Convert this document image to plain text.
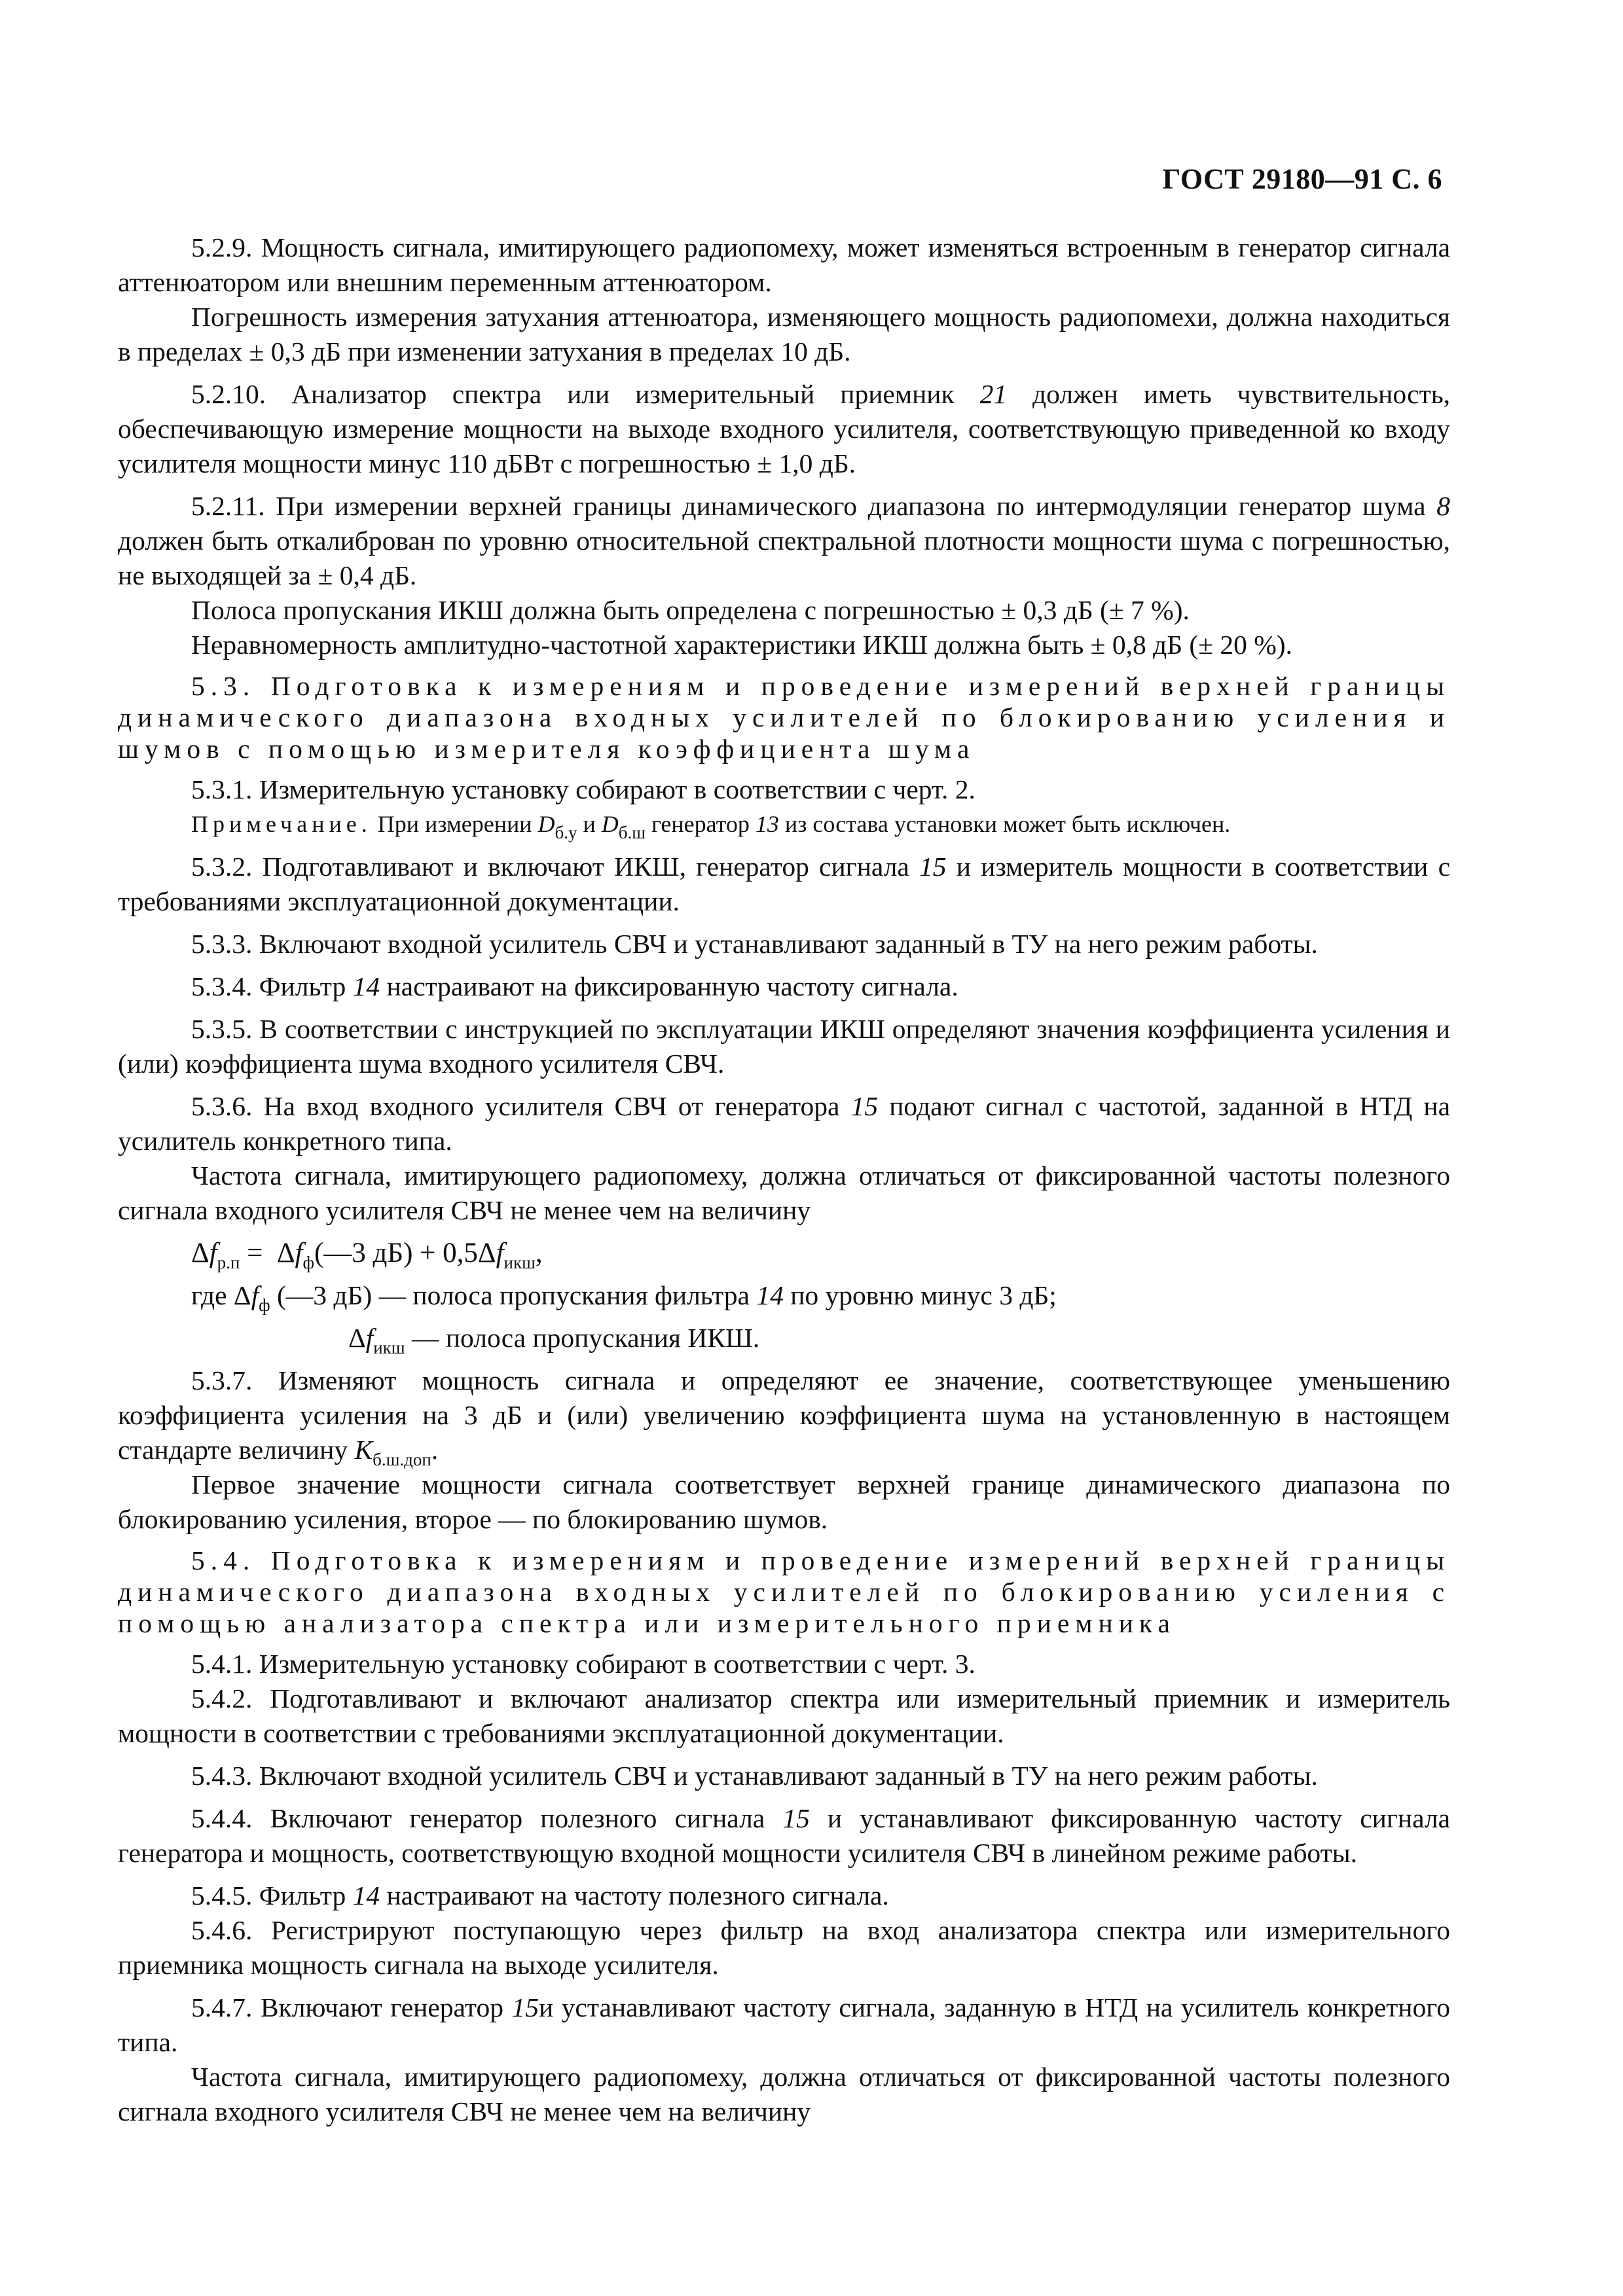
ГОСТ 29180—91 С. 6

5.2.9. Мощность сигнала, имитирующего радиопомеху, может изменяться встроенным в генератор сигнала аттенюатором или внешним переменным аттенюатором.

Погрешность измерения затухания аттенюатора, изменяющего мощность радиопомехи, должна находиться в пределах ± 0,3 дБ при изменении затухания в пределах 10 дБ.

5.2.10. Анализатор спектра или измерительный приемник 21 должен иметь чувствительность, обеспечивающую измерение мощности на выходе входного усилителя, соответствующую приведенной ко входу усилителя мощности минус 110 дБВт с погрешностью ± 1,0 дБ.

5.2.11. При измерении верхней границы динамического диапазона по интермодуляции генератор шума 8 должен быть откалиброван по уровню относительной спектральной плотности мощности шума с погрешностью, не выходящей за ± 0,4 дБ.

Полоса пропускания ИКШ должна быть определена с погрешностью ± 0,3 дБ (± 7 %).

Неравномерность амплитудно-частотной характеристики ИКШ должна быть ± 0,8 дБ (± 20 %).

5.3. Подготовка к измерениям и проведение измерений верхней границы динамического диапазона входных усилителей по блокированию усиления и шумов с помощью измерителя коэффициента шума

5.3.1. Измерительную установку собирают в соответствии с черт. 2.

Примечание. При измерении $D_{б.у}$ и $D_{б.ш}$ генератор 13 из состава установки может быть исключен.

5.3.2. Подготавливают и включают ИКШ, генератор сигнала 15 и измеритель мощности в соответствии с требованиями эксплуатационной документации.

5.3.3. Включают входной усилитель СВЧ и устанавливают заданный в ТУ на него режим работы.

5.3.4. Фильтр 14 настраивают на фиксированную частоту сигнала.

5.3.5. В соответствии с инструкцией по эксплуатации ИКШ определяют значения коэффициента усиления и (или) коэффициента шума входного усилителя СВЧ.

5.3.6. На вход входного усилителя СВЧ от генератора 15 подают сигнал с частотой, заданной в НТД на усилитель конкретного типа.

Частота сигнала, имитирующего радиопомеху, должна отличаться от фиксированной частоты полезного сигнала входного усилителя СВЧ не менее чем на величину

$\Delta f_{р.п}$ = $\Delta f_ф(—3$ $дБ) + 0,5\Delta f_{икш}$,

где $\Delta f_ф$ (—3 дБ) — полоса пропускания фильтра 14 по уровню минус 3 дБ;

$\Delta f_{икш}$ — полоса пропускания ИКШ.

5.3.7. Изменяют мощность сигнала и определяют ее значение, соответствующее уменьшению коэффициента усиления на 3 дБ и (или) увеличению коэффициента шума на установленную в настоящем стандарте величину $K_{б.ш.доп}$.

Первое значение мощности сигнала соответствует верхней границе динамического диапазона по блокированию усиления, второе — по блокированию шумов.

5.4. Подготовка к измерениям и проведение измерений верхней границы динамического диапазона входных усилителей по блокированию усиления с помощью анализатора спектра или измерительного приемника

5.4.1. Измерительную установку собирают в соответствии с черт. 3.

5.4.2. Подготавливают и включают анализатор спектра или измерительный приемник и измеритель мощности в соответствии с требованиями эксплуатационной документации.

5.4.3. Включают входной усилитель СВЧ и устанавливают заданный в ТУ на него режим работы.

5.4.4. Включают генератор полезного сигнала 15 и устанавливают фиксированную частоту сигнала генератора и мощность, соответствующую входной мощности усилителя СВЧ в линейном режиме работы.

5.4.5. Фильтр 14 настраивают на частоту полезного сигнала.

5.4.6. Регистрируют поступающую через фильтр на вход анализатора спектра или измерительного приемника мощность сигнала на выходе усилителя.

5.4.7. Включают генератор 15и устанавливают частоту сигнала, заданную в НТД на усилитель конкретного типа.

Частота сигнала, имитирующего радиопомеху, должна отличаться от фиксированной частоты полезного сигнала входного усилителя СВЧ не менее чем на величину
